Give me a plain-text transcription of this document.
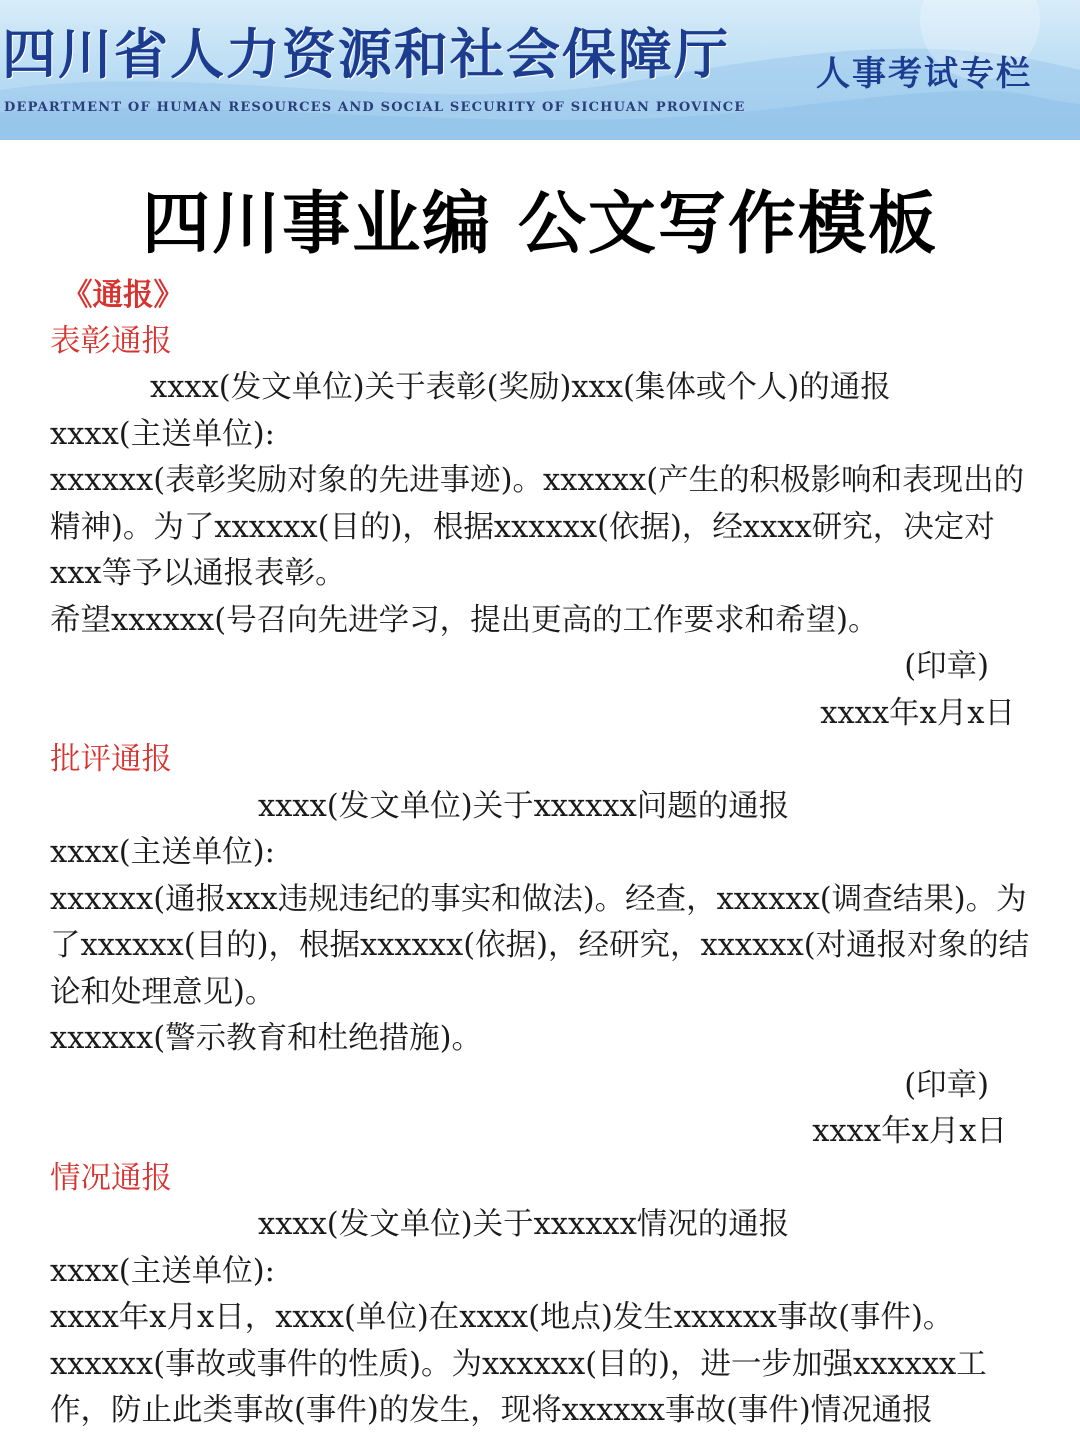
四川省人力资源和社会保障厅
DEPARTMENT OF HUMAN RESOURCES AND SOCIAL SECURITY OF SICHUAN PROVINCE
人事考试专栏
四川事业编 公文写作模板

《通报》

表彰通报

xxxx(发文单位)关于表彰(奖励)xxx(集体或个人)的通报

xxxx(主送单位):

xxxxxx(表彰奖励对象的先进事迹)。xxxxxx(产生的积极影响和表现出的精神)。为了xxxxxx(目的)，根据xxxxxx(依据)，经xxxx研究，决定对xxx等予以通报表彰。

希望xxxxxx(号召向先进学习，提出更高的工作要求和希望)。

(印章)

xxxx年x月x日

批评通报

xxxx(发文单位)关于xxxxxx问题的通报

xxxx(主送单位):

xxxxxx(通报xxx违规违纪的事实和做法)。经查，xxxxxx(调查结果)。为了xxxxxx(目的)，根据xxxxxx(依据)，经研究，xxxxxx(对通报对象的结论和处理意见)。

xxxxxx(警示教育和杜绝措施)。

(印章)

xxxx年x月x日

情况通报

xxxx(发文单位)关于xxxxxx情况的通报

xxxx(主送单位):

xxxx年x月x日，xxxx(单位)在xxxx(地点)发生xxxxxx事故(事件)。xxxxxx(事故或事件的性质)。为xxxxxx(目的)，进一步加强xxxxxx工作，防止此类事故(事件)的发生，现将xxxxxx事故(事件)情况通报
